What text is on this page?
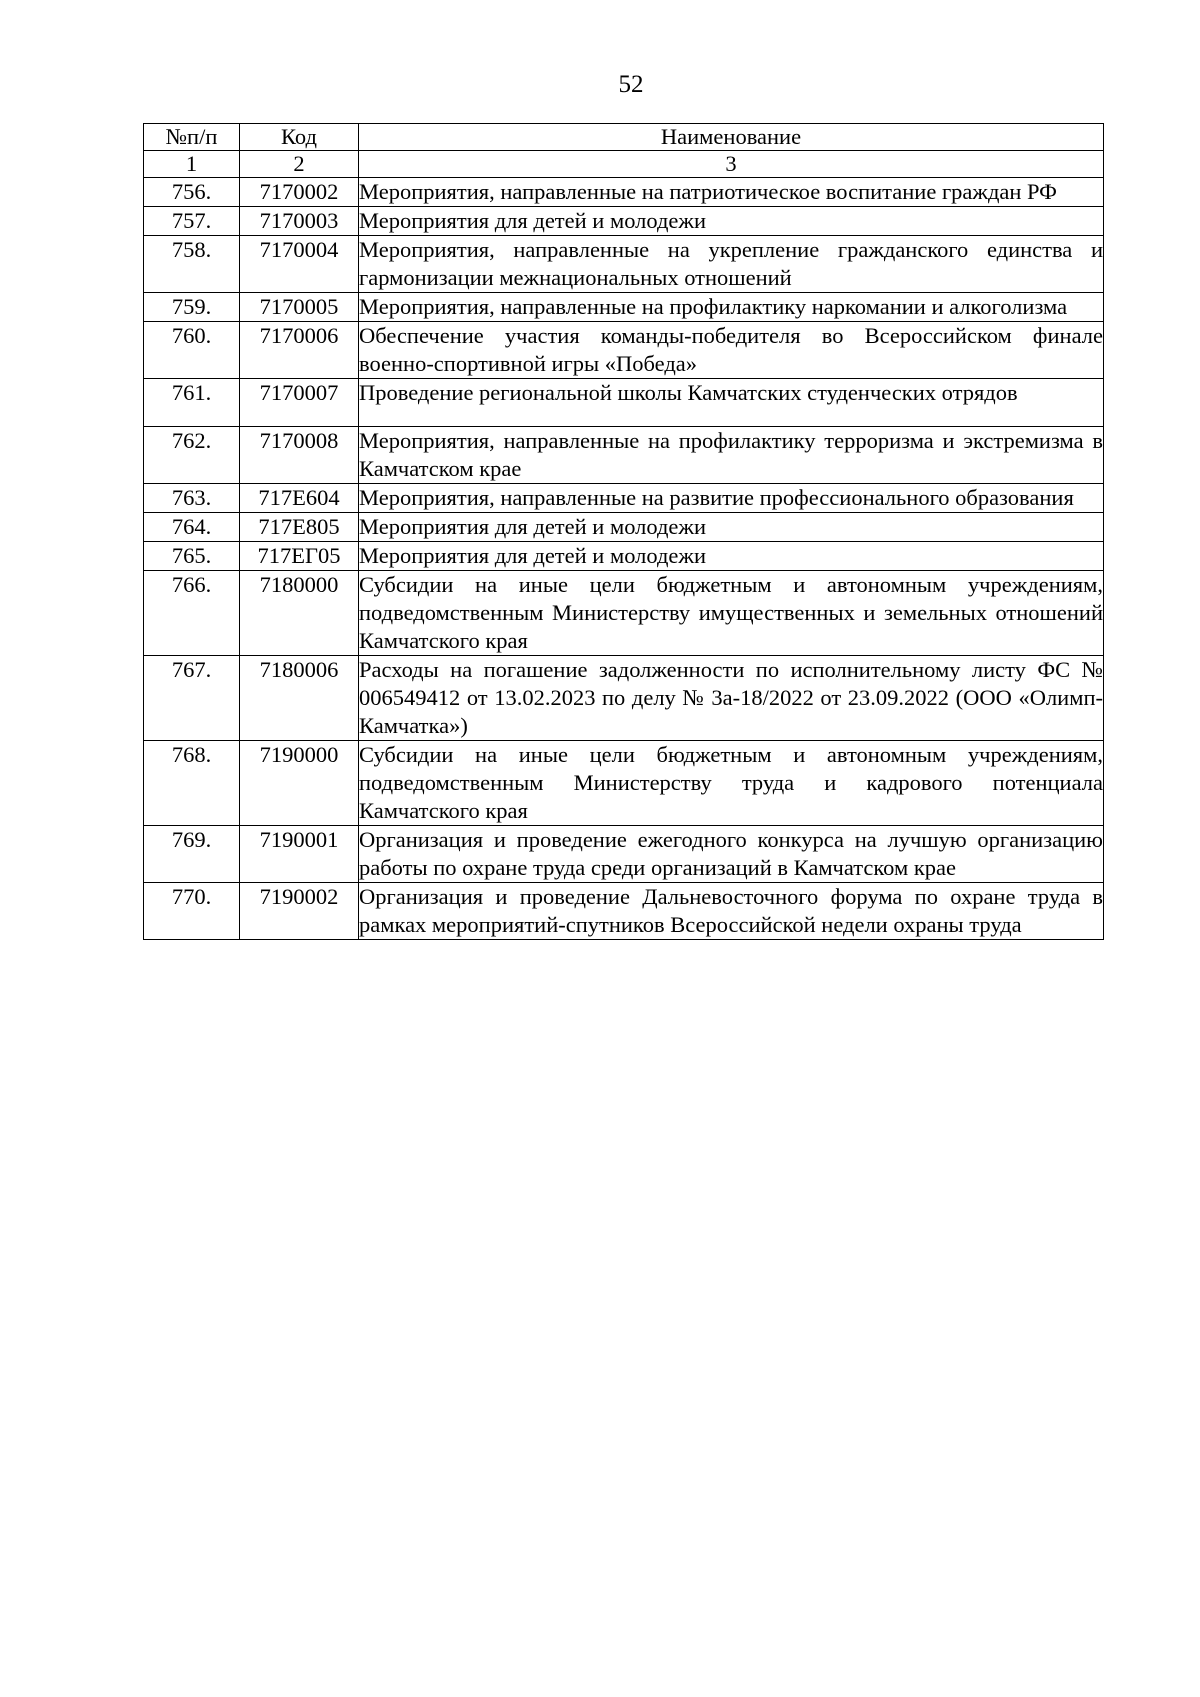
52
№п/п	Код	Наименование
1	2	3
756.	7170002	Мероприятия, направленные на патриотическое воспитание граждан РФ
757.	7170003	Мероприятия для детей и молодежи
758.	7170004	Мероприятия, направленные на укрепление гражданского единства и гармонизации межнациональных отношений
759.	7170005	Мероприятия, направленные на профилактику наркомании и алкоголизма
760.	7170006	Обеспечение участия команды-победителя во Всероссийском финале военно-спортивной игры «Победа»
761.	7170007	Проведение региональной школы Камчатских студенческих отрядов
762.	7170008	Мероприятия, направленные на профилактику терроризма и экстремизма в Камчатском крае
763.	717Е604	Мероприятия, направленные на развитие профессионального образования
764.	717Е805	Мероприятия для детей и молодежи
765.	717ЕГ05	Мероприятия для детей и молодежи
766.	7180000	Субсидии на иные цели бюджетным и автономным учреждениям, подведомственным Министерству имущественных и земельных отношений Камчатского края
767.	7180006	Расходы на погашение задолженности по исполнительному листу ФС № 006549412 от 13.02.2023 по делу № 3а-18/2022 от 23.09.2022 (ООО «Олимп-Камчатка»)
768.	7190000	Субсидии на иные цели бюджетным и автономным учреждениям, подведомственным Министерству труда и кадрового потенциала Камчатского края
769.	7190001	Организация и проведение ежегодного конкурса на лучшую организацию работы по охране труда среди организаций в Камчатском крае
770.	7190002	Организация и проведение Дальневосточного форума по охране труда в рамках мероприятий-спутников Всероссийской недели охраны труда
